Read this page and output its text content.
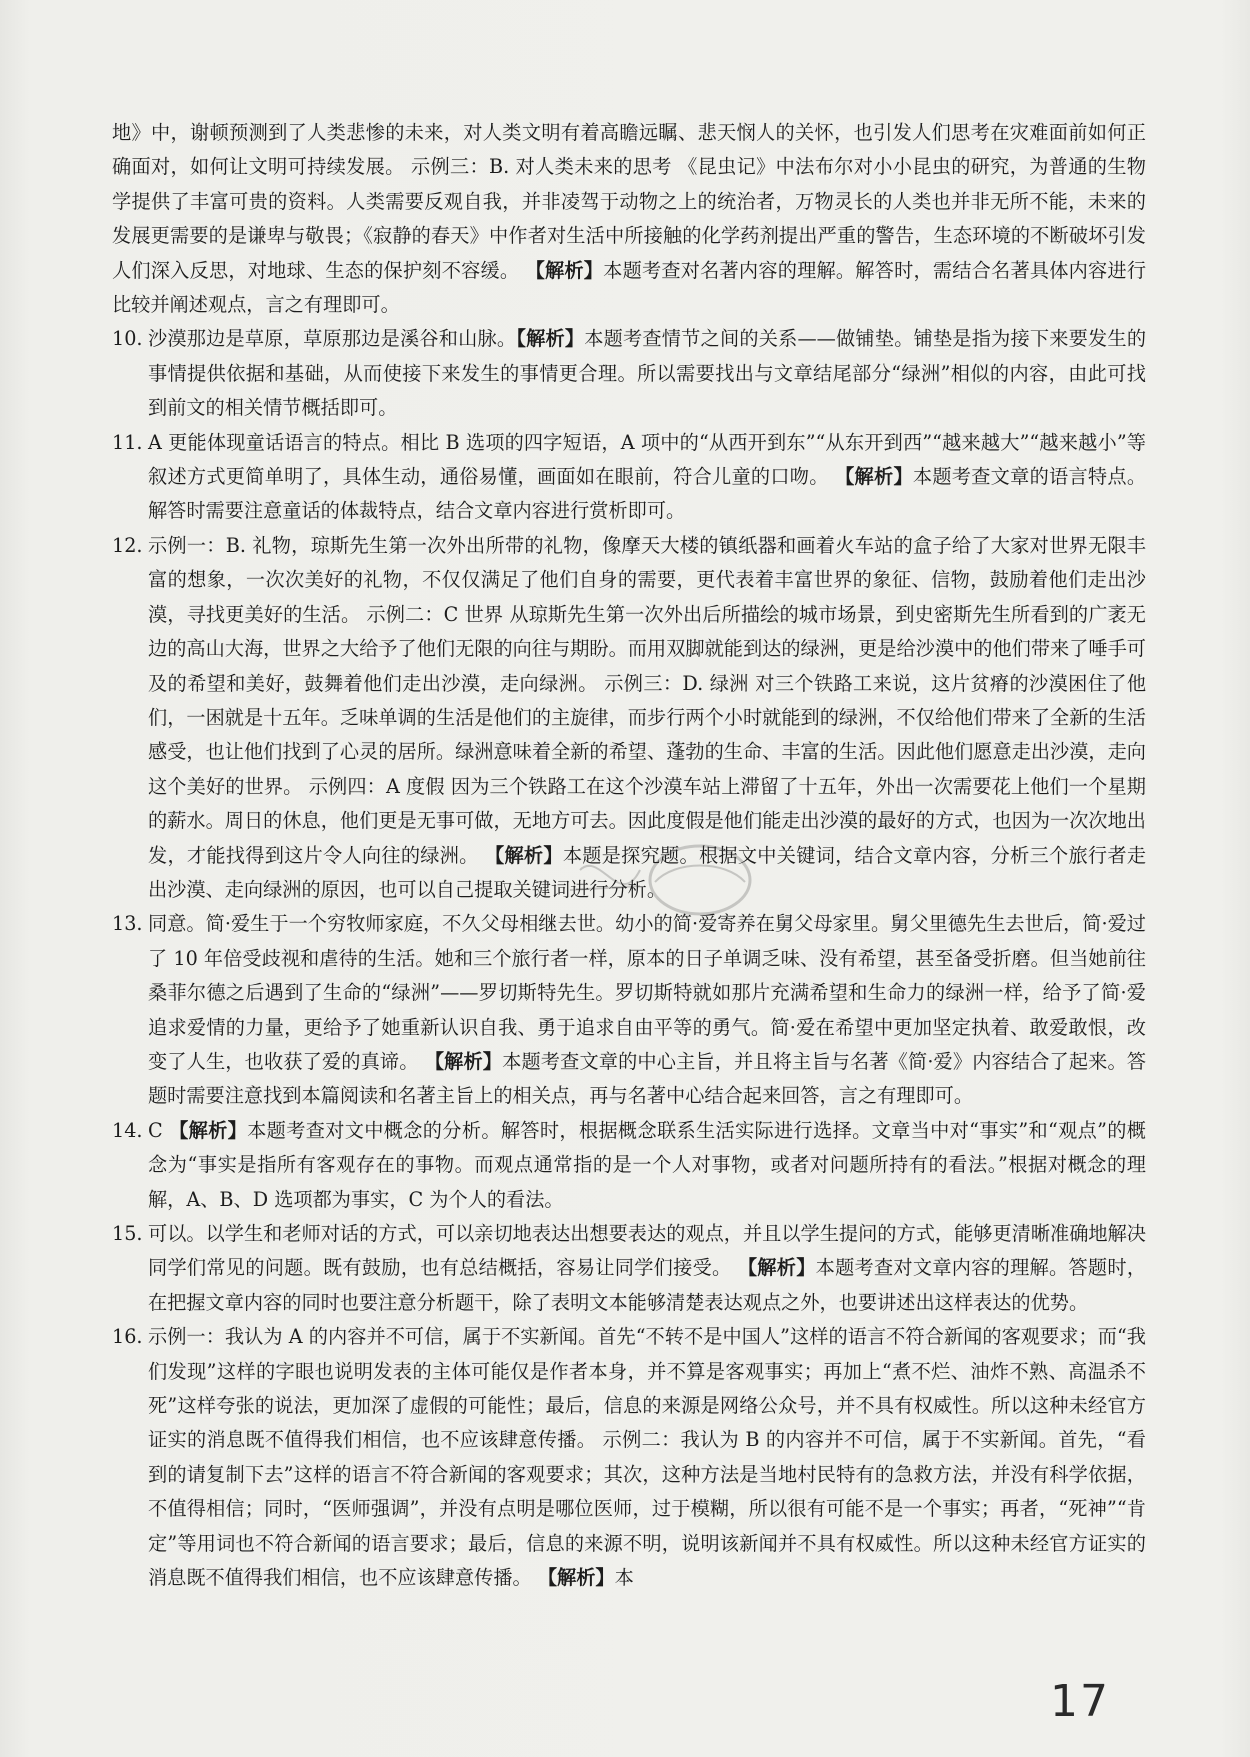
地》中，谢顿预测到了人类悲惨的未来，对人类文明有着高瞻远瞩、悲天悯人的关怀，也引发人们思考在灾难面前如何正确面对，如何让文明可持续发展。 示例三：B. 对人类未来的思考 《昆虫记》中法布尔对小小昆虫的研究，为普通的生物学提供了丰富可贵的资料。人类需要反观自我，并非凌驾于动物之上的统治者，万物灵长的人类也并非无所不能，未来的发展更需要的是谦卑与敬畏；《寂静的春天》中作者对生活中所接触的化学药剂提出严重的警告，生态环境的不断破坏引发人们深入反思，对地球、生态的保护刻不容缓。 【解析】本题考查对名著内容的理解。解答时，需结合名著具体内容进行比较并阐述观点，言之有理即可。

10. 沙漠那边是草原，草原那边是溪谷和山脉。【解析】本题考查情节之间的关系——做铺垫。铺垫是指为接下来要发生的事情提供依据和基础，从而使接下来发生的事情更合理。所以需要找出与文章结尾部分“绿洲”相似的内容，由此可找到前文的相关情节概括即可。

11. A 更能体现童话语言的特点。相比 B 选项的四字短语，A 项中的“从西开到东”“从东开到西”“越来越大”“越来越小”等叙述方式更简单明了，具体生动，通俗易懂，画面如在眼前，符合儿童的口吻。 【解析】本题考查文章的语言特点。解答时需要注意童话的体裁特点，结合文章内容进行赏析即可。

12. 示例一：B. 礼物，琼斯先生第一次外出所带的礼物，像摩天大楼的镇纸器和画着火车站的盒子给了大家对世界无限丰富的想象，一次次美好的礼物，不仅仅满足了他们自身的需要，更代表着丰富世界的象征、信物，鼓励着他们走出沙漠，寻找更美好的生活。 示例二：C 世界 从琼斯先生第一次外出后所描绘的城市场景，到史密斯先生所看到的广袤无边的高山大海，世界之大给予了他们无限的向往与期盼。而用双脚就能到达的绿洲，更是给沙漠中的他们带来了唾手可及的希望和美好，鼓舞着他们走出沙漠，走向绿洲。 示例三：D. 绿洲 对三个铁路工来说，这片贫瘠的沙漠困住了他们，一困就是十五年。乏味单调的生活是他们的主旋律，而步行两个小时就能到的绿洲，不仅给他们带来了全新的生活感受，也让他们找到了心灵的居所。绿洲意味着全新的希望、蓬勃的生命、丰富的生活。因此他们愿意走出沙漠，走向这个美好的世界。 示例四：A 度假 因为三个铁路工在这个沙漠车站上滞留了十五年，外出一次需要花上他们一个星期的薪水。周日的休息，他们更是无事可做，无地方可去。因此度假是他们能走出沙漠的最好的方式，也因为一次次地出发，才能找得到这片令人向往的绿洲。 【解析】本题是探究题。根据文中关键词，结合文章内容，分析三个旅行者走出沙漠、走向绿洲的原因，也可以自己提取关键词进行分析。

13. 同意。简·爱生于一个穷牧师家庭，不久父母相继去世。幼小的简·爱寄养在舅父母家里。舅父里德先生去世后，简·爱过了 10 年倍受歧视和虐待的生活。她和三个旅行者一样，原本的日子单调乏味、没有希望，甚至备受折磨。但当她前往桑菲尔德之后遇到了生命的“绿洲”——罗切斯特先生。罗切斯特就如那片充满希望和生命力的绿洲一样，给予了简·爱追求爱情的力量，更给予了她重新认识自我、勇于追求自由平等的勇气。简·爱在希望中更加坚定执着、敢爱敢恨，改变了人生，也收获了爱的真谛。 【解析】本题考查文章的中心主旨，并且将主旨与名著《简·爱》内容结合了起来。答题时需要注意找到本篇阅读和名著主旨上的相关点，再与名著中心结合起来回答，言之有理即可。

14. C 【解析】本题考查对文中概念的分析。解答时，根据概念联系生活实际进行选择。文章当中对“事实”和“观点”的概念为“事实是指所有客观存在的事物。而观点通常指的是一个人对事物，或者对问题所持有的看法。”根据对概念的理解，A、B、D 选项都为事实，C 为个人的看法。

15. 可以。以学生和老师对话的方式，可以亲切地表达出想要表达的观点，并且以学生提问的方式，能够更清晰准确地解决同学们常见的问题。既有鼓励，也有总结概括，容易让同学们接受。 【解析】本题考查对文章内容的理解。答题时，在把握文章内容的同时也要注意分析题干，除了表明文本能够清楚表达观点之外，也要讲述出这样表达的优势。

16. 示例一：我认为 A 的内容并不可信，属于不实新闻。首先“不转不是中国人”这样的语言不符合新闻的客观要求；而“我们发现”这样的字眼也说明发表的主体可能仅是作者本身，并不算是客观事实；再加上“煮不烂、油炸不熟、高温杀不死”这样夸张的说法，更加深了虚假的可能性；最后，信息的来源是网络公众号，并不具有权威性。所以这种未经官方证实的消息既不值得我们相信，也不应该肆意传播。 示例二：我认为 B 的内容并不可信，属于不实新闻。首先，“看到的请复制下去”这样的语言不符合新闻的客观要求；其次，这种方法是当地村民特有的急救方法，并没有科学依据，不值得相信；同时，“医师强调”，并没有点明是哪位医师，过于模糊，所以很有可能不是一个事实；再者，“死神”“肯定”等用词也不符合新闻的语言要求；最后，信息的来源不明，说明该新闻并不具有权威性。所以这种未经官方证实的消息既不值得我们相信，也不应该肆意传播。 【解析】本

17
